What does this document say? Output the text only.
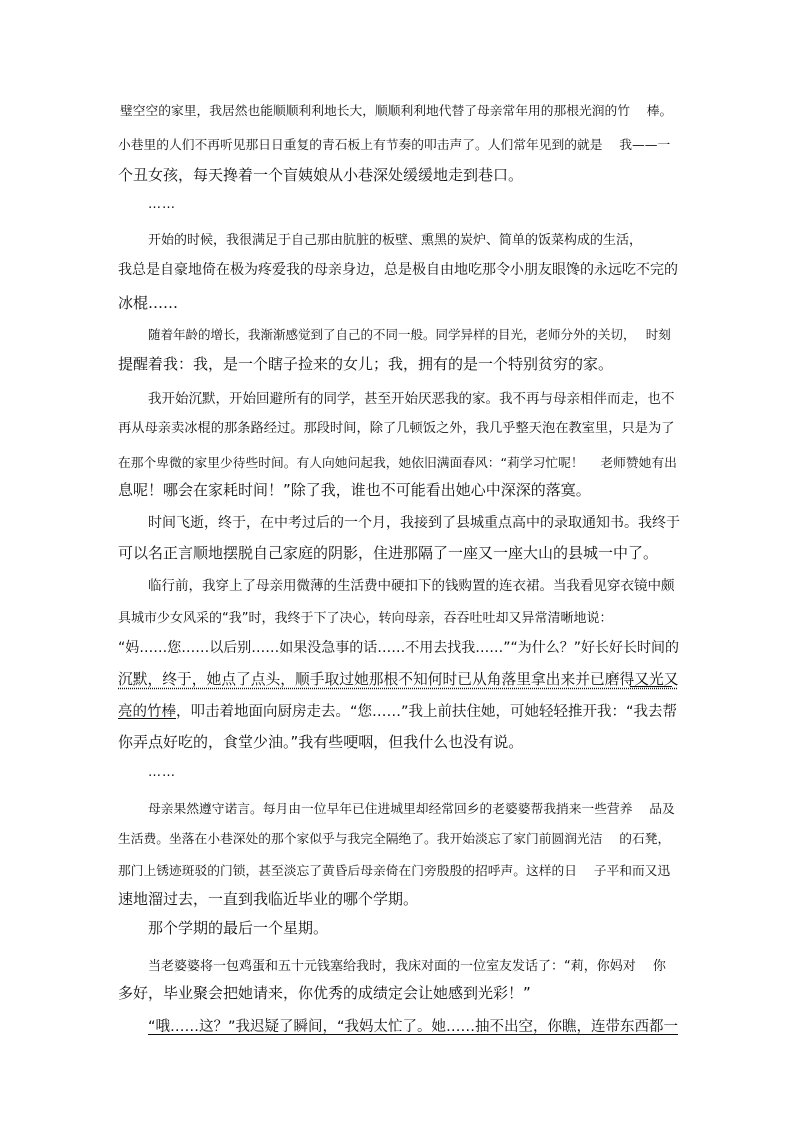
璧空空的家里，我居然也能顺顺利利地长大，顺顺利利地代替了母亲常年用的那根光润的竹　 棒。
小巷里的人们不再听见那日日重复的青石板上有节奏的叩击声了。人们常年见到的就是　 我——一
个丑女孩，每天搀着一个盲姨娘从小巷深处缓缓地走到巷口。
……
开始的时候，我很满足于自己那由肮脏的板壁、熏黑的炭炉、简单的饭菜构成的生活，
我总是自豪地倚在极为疼爱我的母亲身边，总是极自由地吃那令小朋友眼馋的永远吃不完的
冰棍……
随着年龄的增长，我渐渐感觉到了自己的不同一般。同学异样的目光，老师分外的关切，　 时刻
提醒着我：我，是一个瞎子捡来的女儿；我，拥有的是一个特别贫穷的家。
我开始沉默，开始回避所有的同学，甚至开始厌恶我的家。我不再与母亲相伴而走，也不
再从母亲卖冰棍的那条路经过。那段时间，除了几顿饭之外，我几乎整天泡在教室里，只是为了
在那个卑微的家里少待些时间。有人向她问起我，她依旧满面春风：“莉学习忙呢！　 老师赞她有出
息呢！哪会在家耗时间！”除了我，谁也不可能看出她心中深深的落寞。
时间飞逝，终于，在中考过后的一个月，我接到了县城重点高中的录取通知书。我终于
可以名正言顺地摆脱自己家庭的阴影，住进那隔了一座又一座大山的县城一中了。
临行前，我穿上了母亲用微薄的生活费中硬扣下的钱购置的连衣裙。当我看见穿衣镜中颇
具城市少女风采的“我”时，我终于下了决心，转向母亲，吞吞吐吐却又异常清晰地说：
“妈……您……以后别……如果没急事的话……不用去找我……”“为什么？”好长好长时间的
沉默，终于，她点了点头，顺手取过她那根不知何时已从角落里拿出来并已磨得又光又
亮的竹棒，叩击着地面向厨房走去。“您……”我上前扶住她，可她轻轻推开我：“我去帮
你弄点好吃的，食堂少油。”我有些哽咽，但我什么也没有说。
……
母亲果然遵守诺言。每月由一位早年已住进城里却经常回乡的老婆婆帮我捎来一些营养　 品及
生活费。坐落在小巷深处的那个家似乎与我完全隔绝了。我开始淡忘了家门前圆润光洁　 的石凳，
那门上锈迹斑驳的门锁，甚至淡忘了黄昏后母亲倚在门旁殷殷的招呼声。这样的日　 子平和而又迅
速地溜过去，一直到我临近毕业的哪个学期。
那个学期的最后一个星期。
当老婆婆将一包鸡蛋和五十元钱塞给我时，我床对面的一位室友发话了：“莉，你妈对　 你
多好，毕业聚会把她请来，你优秀的成绩定会让她感到光彩！”
“哦……这？”我迟疑了瞬间，“我妈太忙了。她……抽不出空，你瞧，连带东西都一
